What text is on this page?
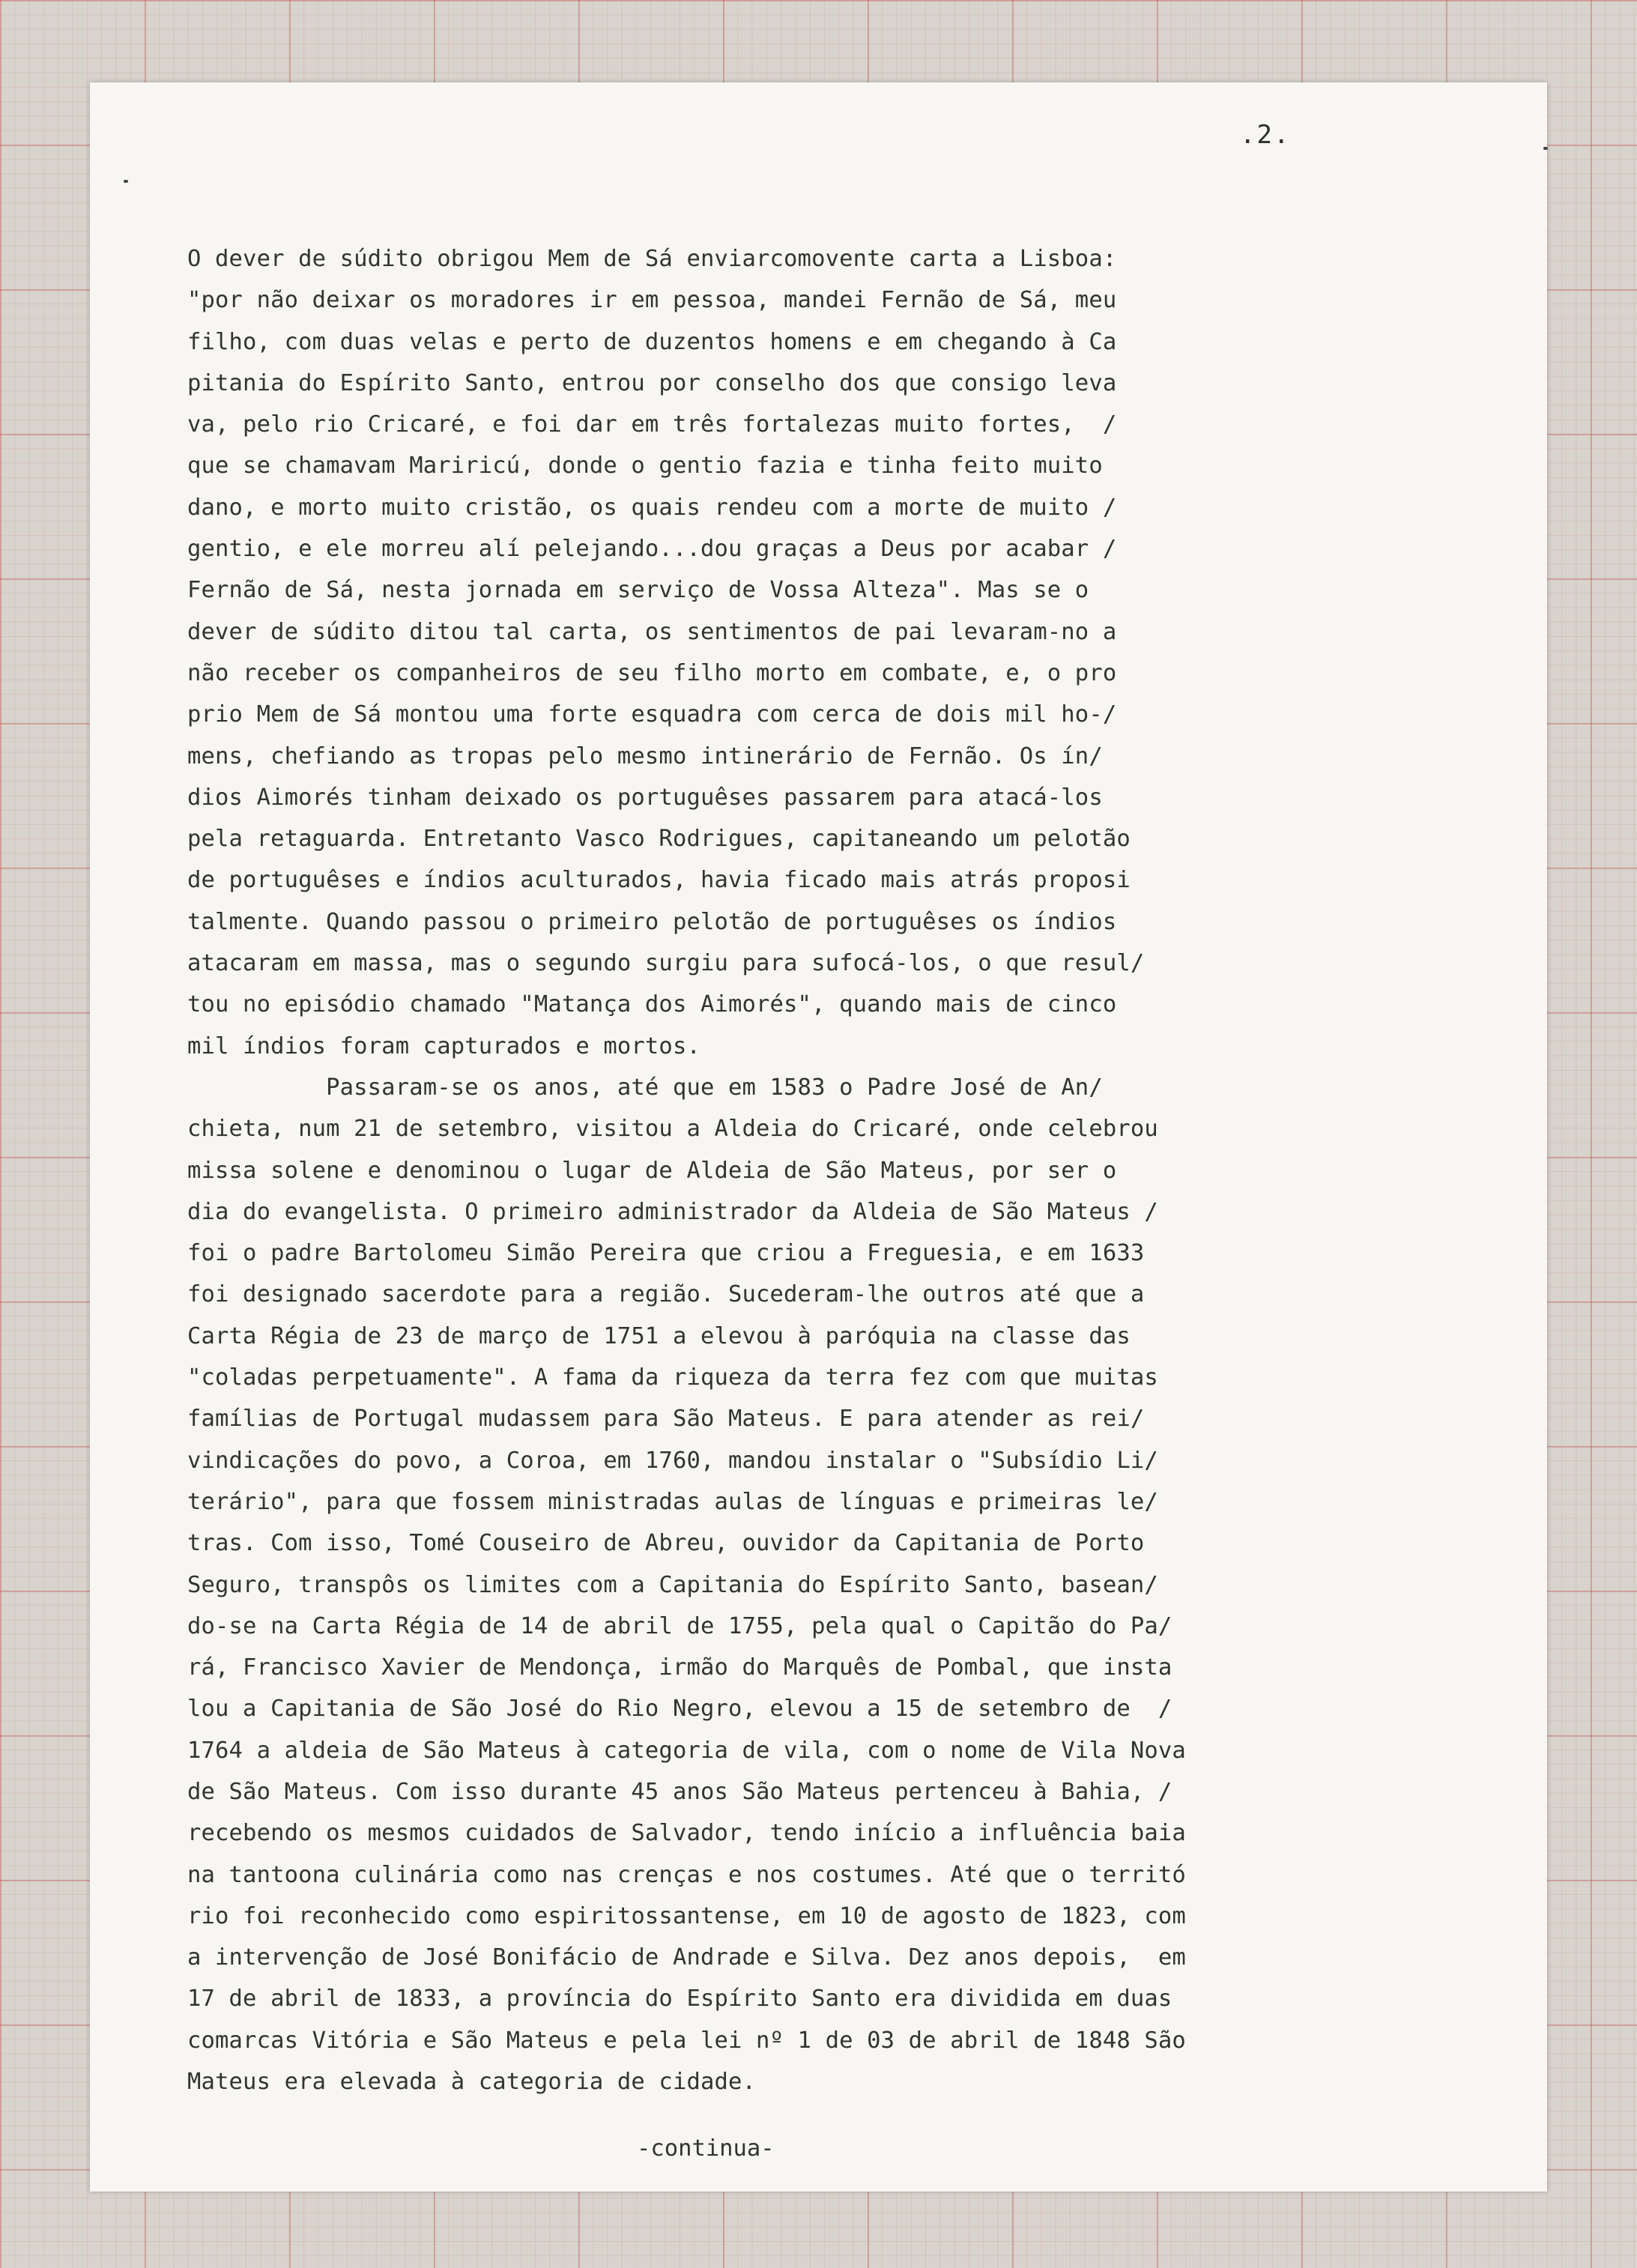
.2.
O dever de súdito obrigou Mem de Sá enviarcomovente carta a Lisboa:
"por não deixar os moradores ir em pessoa, mandei Fernão de Sá, meu
filho, com duas velas e perto de duzentos homens e em chegando à Ca
pitania do Espírito Santo, entrou por conselho dos que consigo leva
va, pelo rio Cricaré, e foi dar em três fortalezas muito fortes,  /
que se chamavam Mariricú, donde o gentio fazia e tinha feito muito
dano, e morto muito cristão, os quais rendeu com a morte de muito /
gentio, e ele morreu alí pelejando...dou graças a Deus por acabar /
Fernão de Sá, nesta jornada em serviço de Vossa Alteza". Mas se o
dever de súdito ditou tal carta, os sentimentos de pai levaram-no a
não receber os companheiros de seu filho morto em combate, e, o pro
prio Mem de Sá montou uma forte esquadra com cerca de dois mil ho-/
mens, chefiando as tropas pelo mesmo intinerário de Fernão. Os ín/
dios Aimorés tinham deixado os portuguêses passarem para atacá-los
pela retaguarda. Entretanto Vasco Rodrigues, capitaneando um pelotão
de portuguêses e índios aculturados, havia ficado mais atrás proposi
talmente. Quando passou o primeiro pelotão de portuguêses os índios
atacaram em massa, mas o segundo surgiu para sufocá-los, o que resul/
tou no episódio chamado "Matança dos Aimorés", quando mais de cinco
mil índios foram capturados e mortos.
Passaram-se os anos, até que em 1583 o Padre José de An/
chieta, num 21 de setembro, visitou a Aldeia do Cricaré, onde celebrou
missa solene e denominou o lugar de Aldeia de São Mateus, por ser o
dia do evangelista. O primeiro administrador da Aldeia de São Mateus /
foi o padre Bartolomeu Simão Pereira que criou a Freguesia, e em 1633
foi designado sacerdote para a região. Sucederam-lhe outros até que a
Carta Régia de 23 de março de 1751 a elevou à paróquia na classe das
"coladas perpetuamente". A fama da riqueza da terra fez com que muitas
famílias de Portugal mudassem para São Mateus. E para atender as rei/
vindicações do povo, a Coroa, em 1760, mandou instalar o "Subsídio Li/
terário", para que fossem ministradas aulas de línguas e primeiras le/
tras. Com isso, Tomé Couseiro de Abreu, ouvidor da Capitania de Porto
Seguro, transpôs os limites com a Capitania do Espírito Santo, basean/
do-se na Carta Régia de 14 de abril de 1755, pela qual o Capitão do Pa/
rá, Francisco Xavier de Mendonça, irmão do Marquês de Pombal, que insta
lou a Capitania de São José do Rio Negro, elevou a 15 de setembro de  /
1764 a aldeia de São Mateus à categoria de vila, com o nome de Vila Nova
de São Mateus. Com isso durante 45 anos São Mateus pertenceu à Bahia, /
recebendo os mesmos cuidados de Salvador, tendo início a influência baia
na tantoona culinária como nas crenças e nos costumes. Até que o territó
rio foi reconhecido como espiritossantense, em 10 de agosto de 1823, com
a intervenção de José Bonifácio de Andrade e Silva. Dez anos depois,  em
17 de abril de 1833, a província do Espírito Santo era dividida em duas
comarcas Vitória e São Mateus e pela lei nº 1 de 03 de abril de 1848 São
Mateus era elevada à categoria de cidade.
-continua-
